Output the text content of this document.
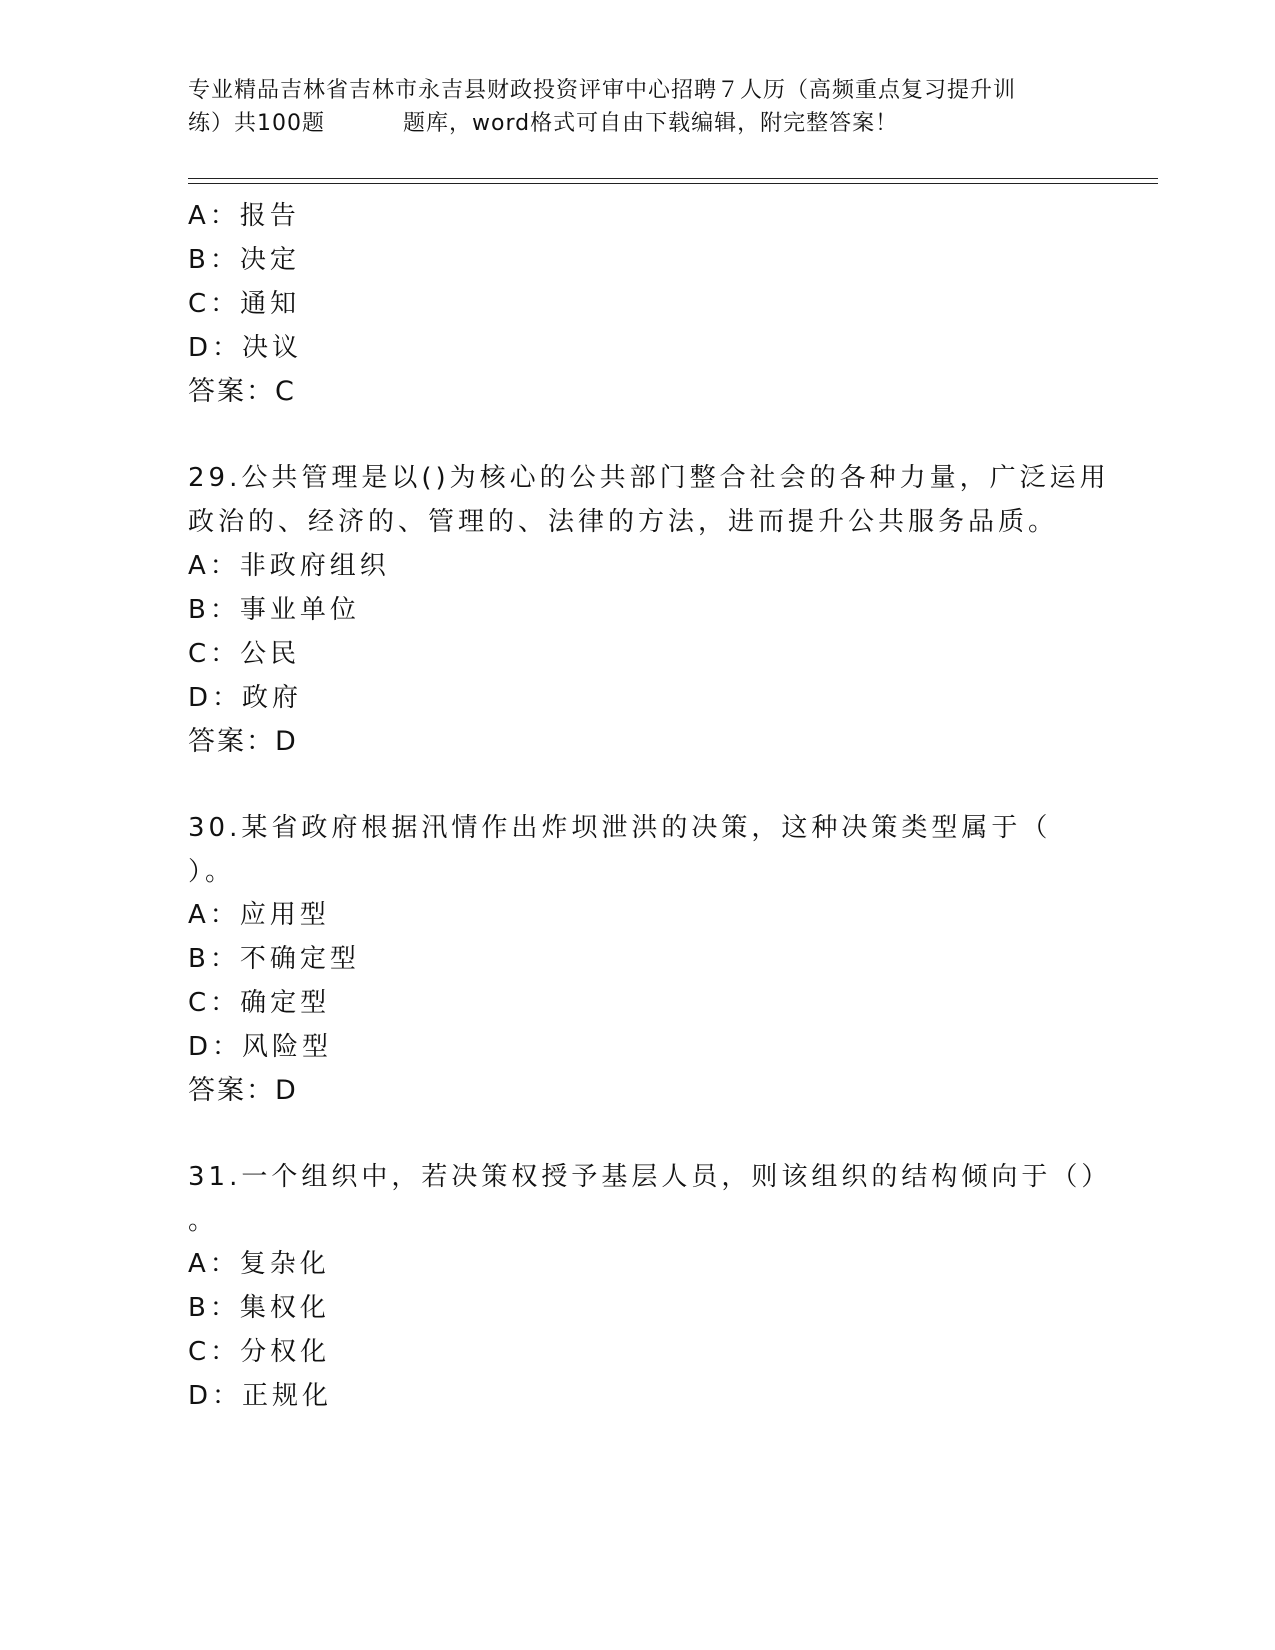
专业精品吉林省吉林市永吉县财政投资评审中心招聘７人历（高频重点复习提升训
练）共100题	题库，word格式可自由下载编辑，附完整答案！
A：报告
B：决定
C：通知
D：决议
答案：C
29.公共管理是以()为核心的公共部门整合社会的各种力量，广泛运用
政治的、经济的、管理的、法律的方法，进而提升公共服务品质。
A：非政府组织
B：事业单位
C：公民
D：政府
答案：D
30.某省政府根据汛情作出炸坝泄洪的决策，这种决策类型属于（
）。
A：应用型
B：不确定型
C：确定型
D：风险型
答案：D
31.一个组织中，若决策权授予基层人员，则该组织的结构倾向于（）
。
A：复杂化
B：集权化
C：分权化
D：正规化
